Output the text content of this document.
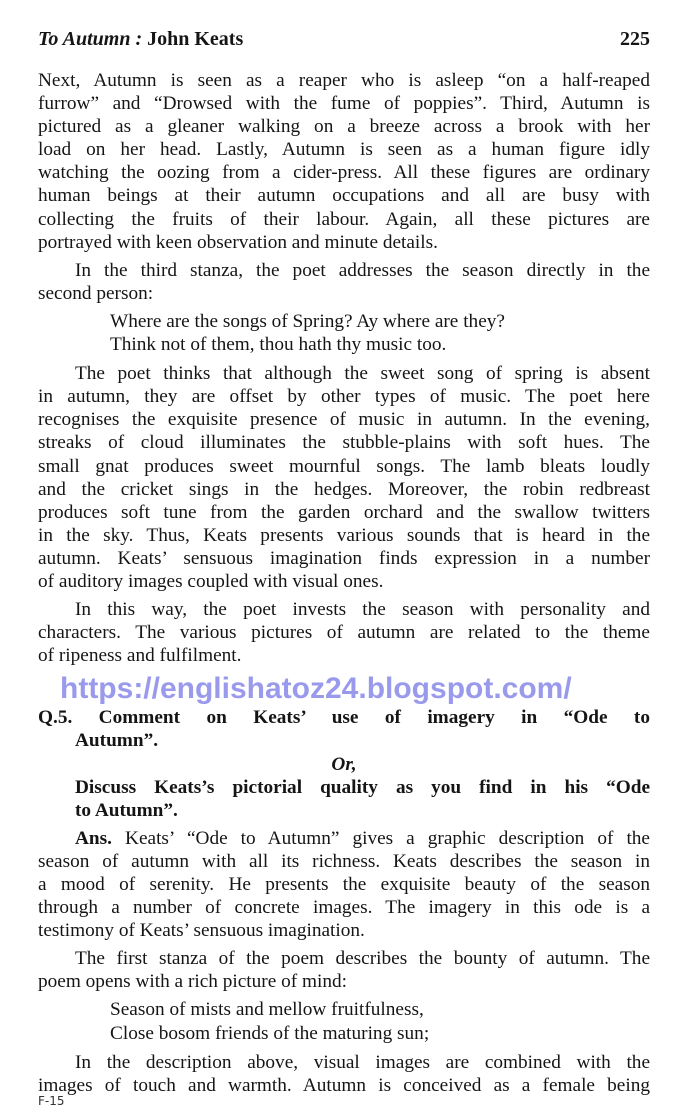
To Autumn : John Keats	225
Next, Autumn is seen as a reaper who is asleep “on a half-reaped
furrow” and “Drowsed with the fume of poppies”. Third, Autumn is
pictured as a gleaner walking on a breeze across a brook with her
load on her head. Lastly, Autumn is seen as a human figure idly
watching the oozing from a cider-press. All these figures are ordinary
human beings at their autumn occupations and all are busy with
collecting the fruits of their labour. Again, all these pictures are
portrayed with keen observation and minute details.
In the third stanza, the poet addresses the season directly in the
second person:
Where are the songs of Spring? Ay where are they?
Think not of them, thou hath thy music too.
The poet thinks that although the sweet song of spring is absent
in autumn, they are offset by other types of music. The poet here
recognises the exquisite presence of music in autumn. In the evening,
streaks of cloud illuminates the stubble-plains with soft hues. The
small gnat produces sweet mournful songs. The lamb bleats loudly
and the cricket sings in the hedges. Moreover, the robin redbreast
produces soft tune from the garden orchard and the swallow twitters
in the sky. Thus, Keats presents various sounds that is heard in the
autumn. Keats’ sensuous imagination finds expression in a number
of auditory images coupled with visual ones.
In this way, the poet invests the season with personality and
characters. The various pictures of autumn are related to the theme
of ripeness and fulfilment.
https://englishatoz24.blogspot.com/
Q.5. Comment on Keats’ use of imagery in “Ode to
Autumn”.
Or,
Discuss Keats’s pictorial quality as you find in his “Ode
to Autumn”.
Ans. Keats’ “Ode to Autumn” gives a graphic description of the
season of autumn with all its richness. Keats describes the season in
a mood of serenity. He presents the exquisite beauty of the season
through a number of concrete images. The imagery in this ode is a
testimony of Keats’ sensuous imagination.
The first stanza of the poem describes the bounty of autumn. The
poem opens with a rich picture of mind:
Season of mists and mellow fruitfulness,
Close bosom friends of the maturing sun;
In the description above, visual images are combined with the
images of touch and warmth. Autumn is conceived as a female being
F-15
